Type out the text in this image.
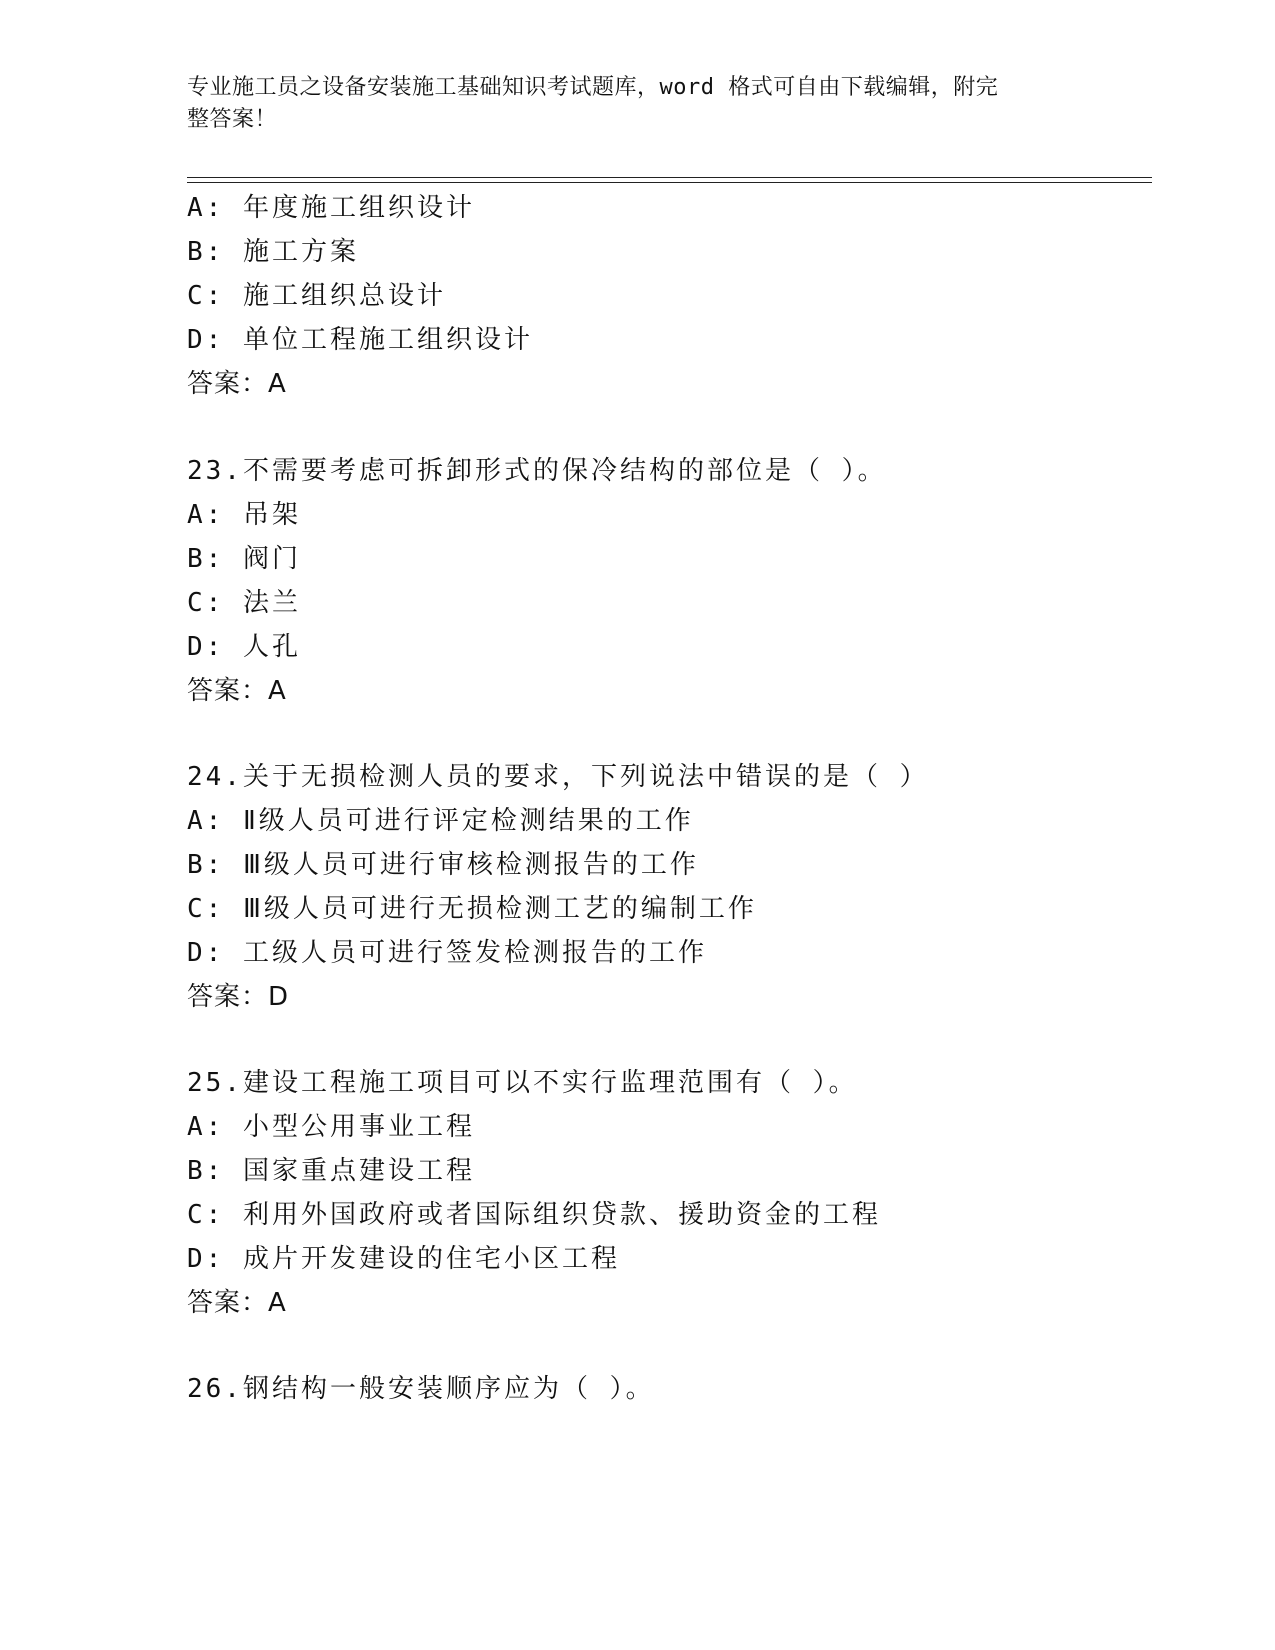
专业施工员之设备安装施工基础知识考试题库，word 格式可自由下载编辑，附完
整答案！
A: 年度施工组织设计
B: 施工方案
C: 施工组织总设计
D: 单位工程施工组织设计
答案：A
23.不需要考虑可拆卸形式的保冷结构的部位是（ ）。
A: 吊架
B: 阀门
C: 法兰
D: 人孔
答案：A
24.关于无损检测人员的要求，下列说法中错误的是（ ）
A: Ⅱ级人员可进行评定检测结果的工作
B: Ⅲ级人员可进行审核检测报告的工作
C: Ⅲ级人员可进行无损检测工艺的编制工作
D: 工级人员可进行签发检测报告的工作
答案：D
25.建设工程施工项目可以不实行监理范围有（ ）。
A: 小型公用事业工程
B: 国家重点建设工程
C: 利用外国政府或者国际组织贷款、援助资金的工程
D: 成片开发建设的住宅小区工程
答案：A
26.钢结构一般安装顺序应为（ ）。
